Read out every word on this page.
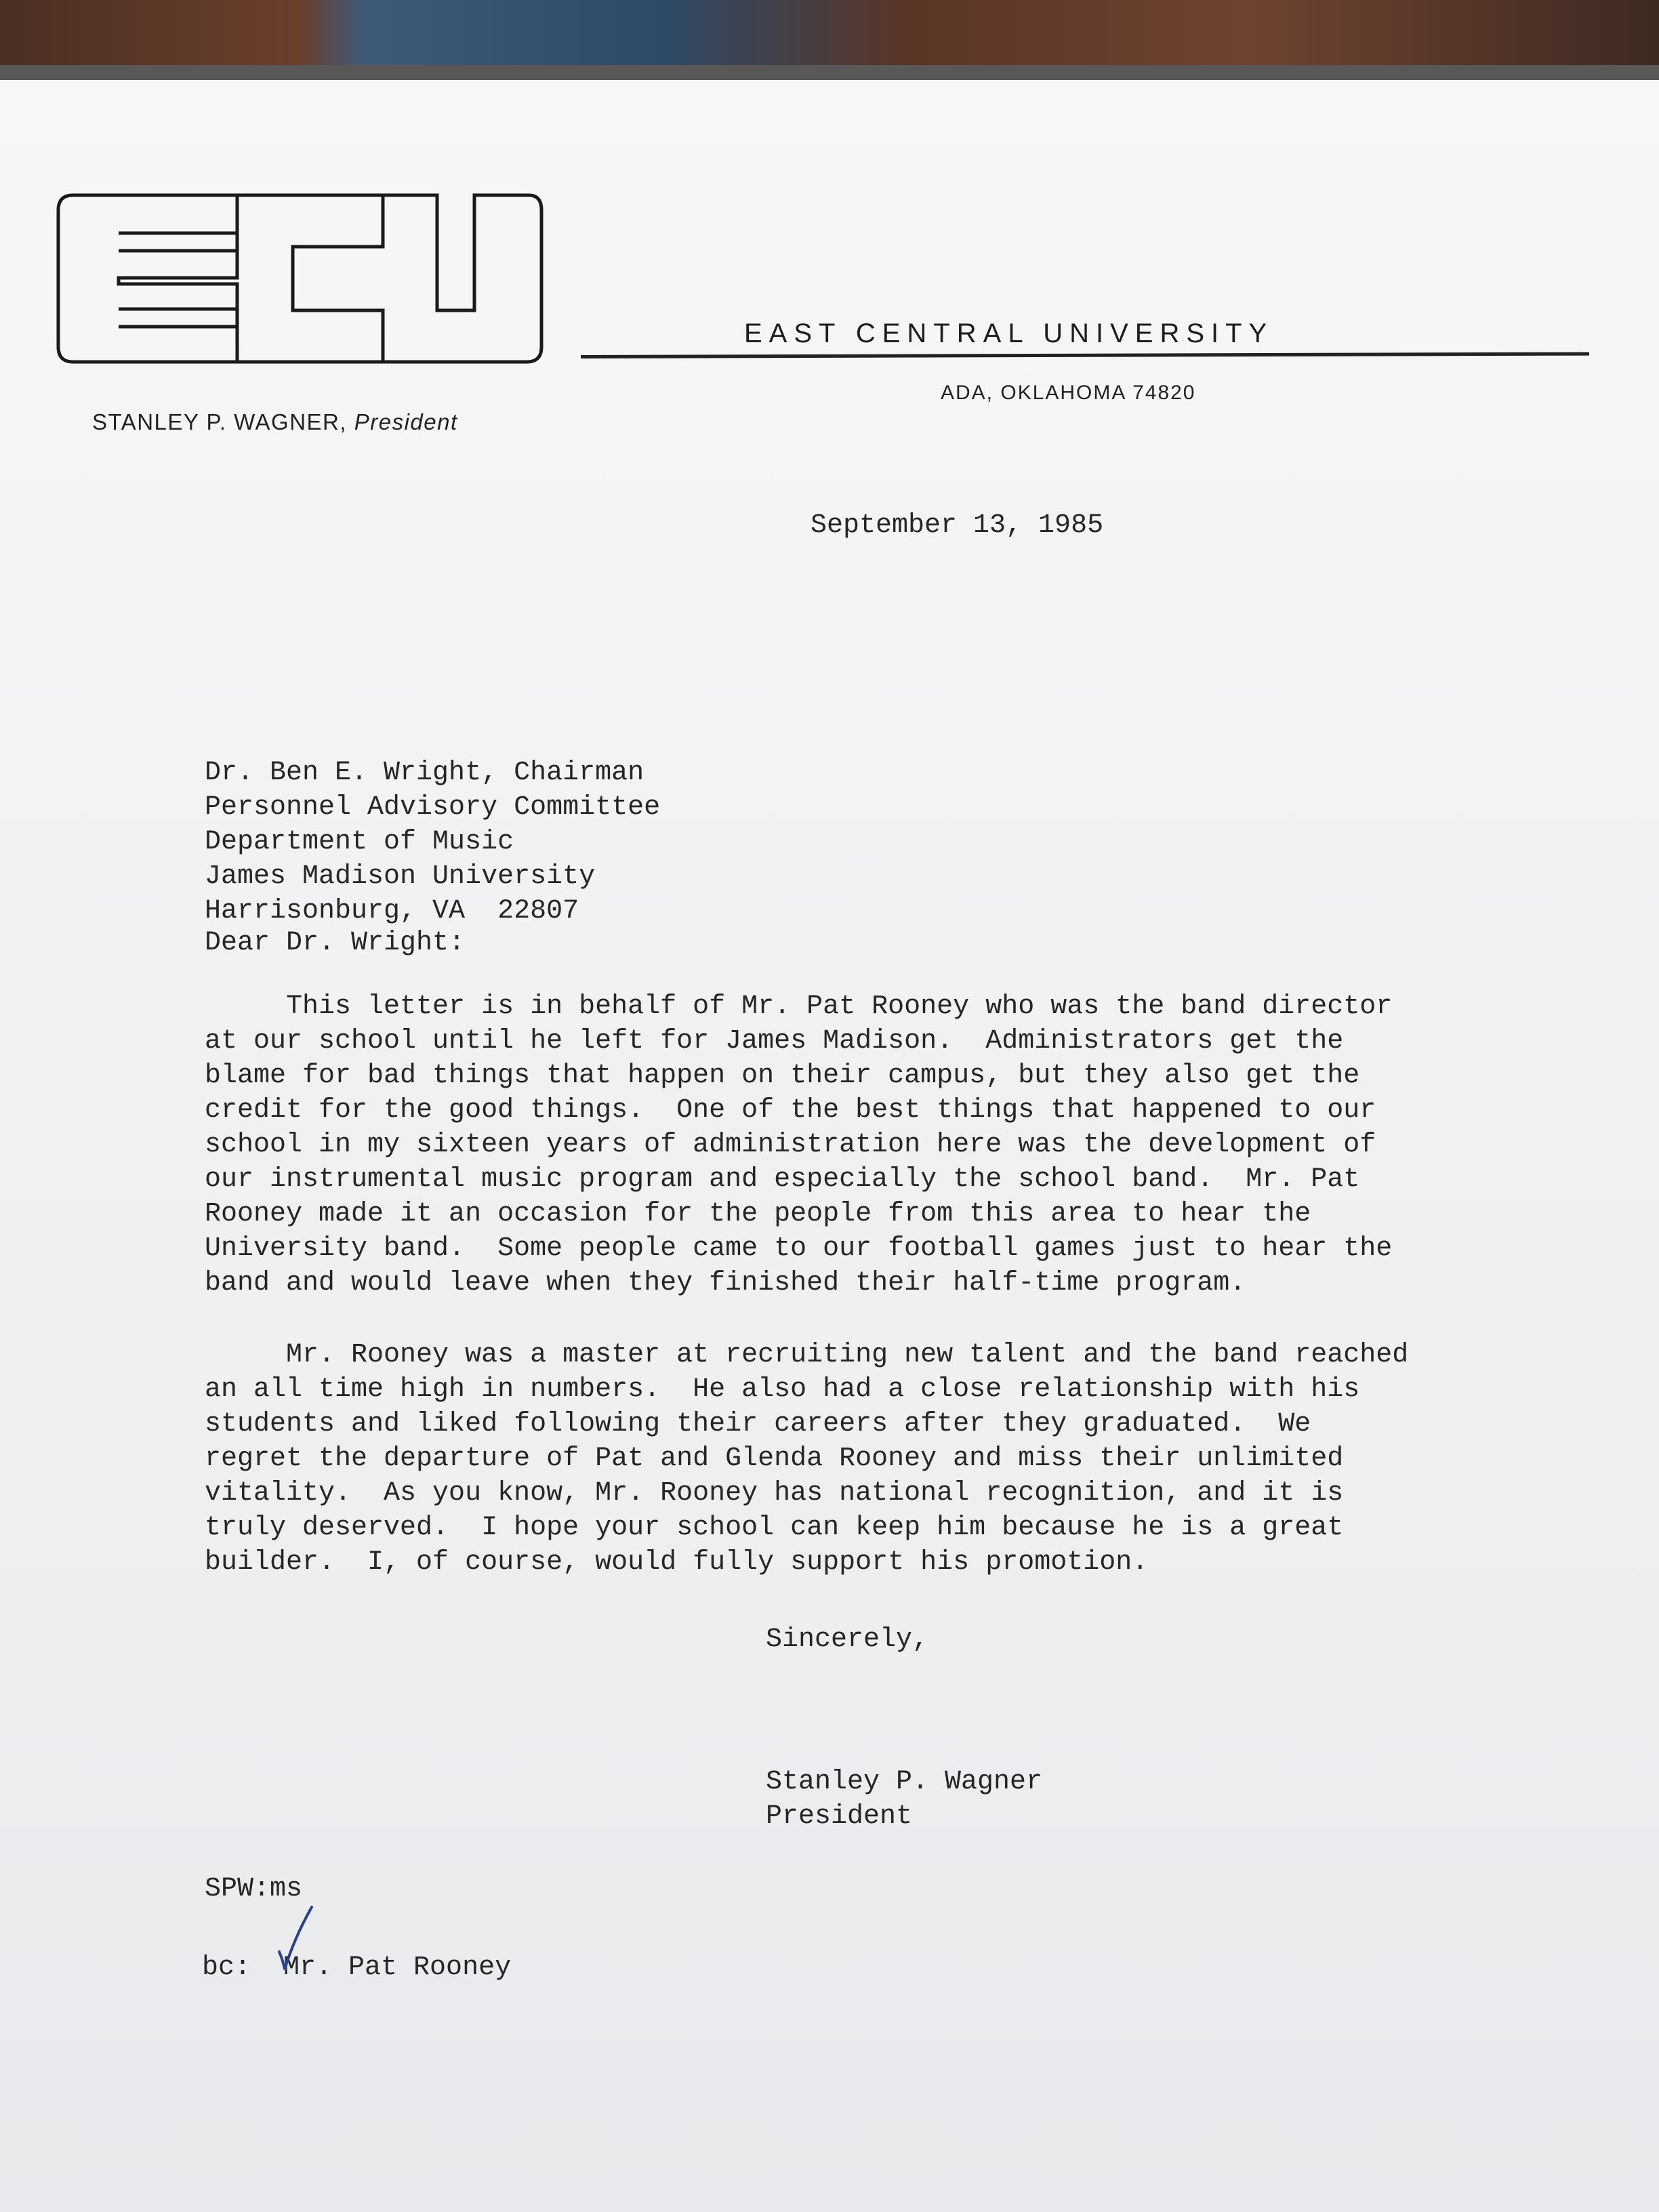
STANLEY P. WAGNER, President
EAST CENTRAL UNIVERSITY
ADA, OKLAHOMA 74820
September 13, 1985

Dr. Ben E. Wright, Chairman
Personnel Advisory Committee
Department of Music
James Madison University
Harrisonburg, VA  22807

Dear Dr. Wright:
This letter is in behalf of Mr. Pat Rooney who was the band director
at our school until he left for James Madison.  Administrators get the
blame for bad things that happen on their campus, but they also get the
credit for the good things.  One of the best things that happened to our
school in my sixteen years of administration here was the development of
our instrumental music program and especially the school band.  Mr. Pat
Rooney made it an occasion for the people from this area to hear the
University band.  Some people came to our football games just to hear the
band and would leave when they finished their half-time program.
Mr. Rooney was a master at recruiting new talent and the band reached
an all time high in numbers.  He also had a close relationship with his
students and liked following their careers after they graduated.  We
regret the departure of Pat and Glenda Rooney and miss their unlimited
vitality.  As you know, Mr. Rooney has national recognition, and it is
truly deserved.  I hope your school can keep him because he is a great
builder.  I, of course, would fully support his promotion.
Sincerely,
Stanley P. Wagner
President
SPW:ms
bc:  Mr. Pat Rooney
